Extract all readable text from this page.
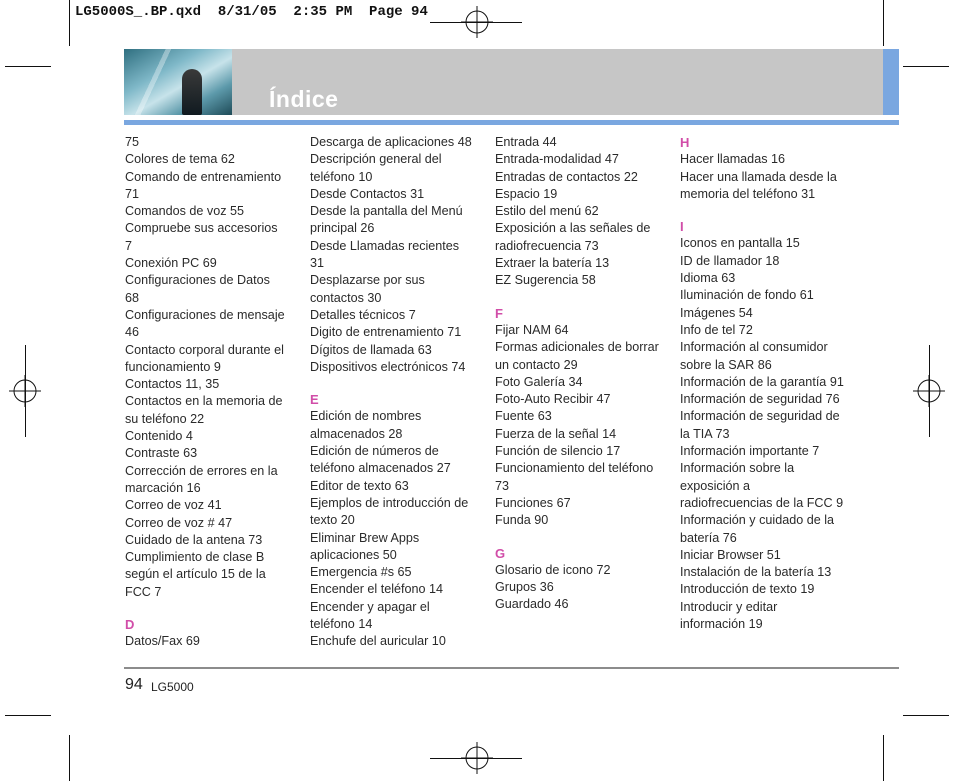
LG5000S_.BP.qxd  8/31/05  2:35 PM  Page 94
Índice
75
Colores de tema 62
Comando de entrenamiento
71
Comandos de voz 55
Compruebe sus accesorios
7
Conexión PC 69
Configuraciones de Datos
68
Configuraciones de mensaje
46
Contacto corporal durante el
funcionamiento 9
Contactos 11, 35
Contactos en la memoria de
su teléfono 22
Contenido 4
Contraste 63
Corrección de errores en la
marcación 16
Correo de voz 41
Correo de voz # 47
Cuidado de la antena 73
Cumplimiento de clase B
según el artículo 15 de la
FCC 7
D
Datos/Fax 69
Descarga de aplicaciones 48
Descripción general del
teléfono 10
Desde Contactos 31
Desde la pantalla del Menú
principal 26
Desde Llamadas recientes
31
Desplazarse por sus
contactos 30
Detalles técnicos 7
Digito de entrenamiento 71
Dígitos de llamada 63
Dispositivos electrónicos 74
E
Edición de nombres
almacenados 28
Edición de números de
teléfono almacenados 27
Editor de texto 63
Ejemplos de introducción de
texto 20
Eliminar Brew Apps
aplicaciones 50
Emergencia #s 65
Encender el teléfono 14
Encender y apagar el
teléfono 14
Enchufe del auricular 10
Entrada 44
Entrada-modalidad 47
Entradas de contactos 22
Espacio 19
Estilo del menú 62
Exposición a las señales de
radiofrecuencia 73
Extraer la batería 13
EZ Sugerencia 58
F
Fijar NAM 64
Formas adicionales de borrar
un contacto 29
Foto Galería 34
Foto-Auto Recibir 47
Fuente 63
Fuerza de la señal 14
Función de silencio 17
Funcionamiento del teléfono
73
Funciones 67
Funda 90
G
Glosario de icono 72
Grupos 36
Guardado 46
H
Hacer llamadas 16
Hacer una llamada desde la
memoria del teléfono 31
I
Iconos en pantalla 15
ID de llamador 18
Idioma 63
Iluminación de fondo 61
Imágenes 54
Info de tel 72
Información al consumidor
sobre la SAR 86
Información de la garantía 91
Información de seguridad 76
Información de seguridad de
la TIA 73
Información importante 7
Información sobre la
exposición a
radiofrecuencias de la FCC 9
Información y cuidado de la
batería 76
Iniciar Browser 51
Instalación de la batería 13
Introducción de texto 19
Introducir y editar
información 19
94 LG5000
